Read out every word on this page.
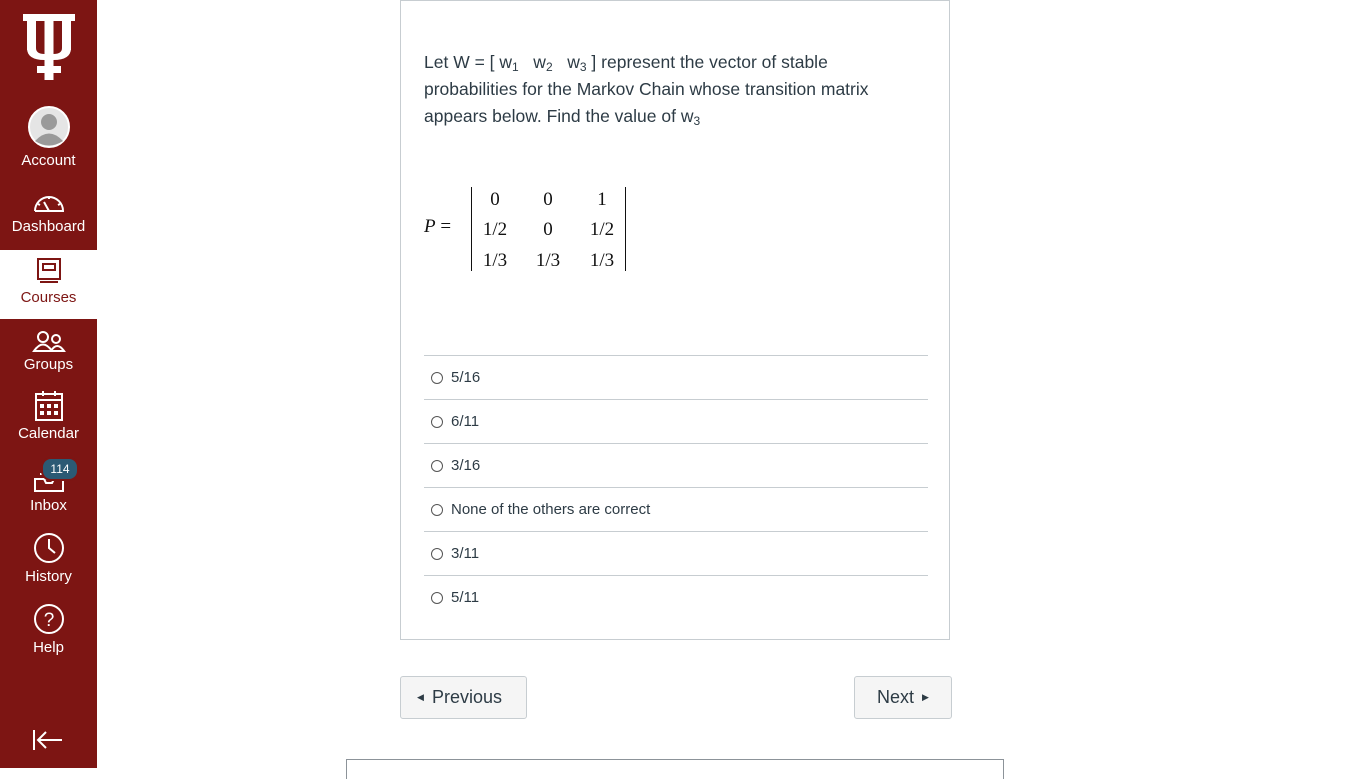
Account
Dashboard
Courses
Groups
Calendar
Inbox
114
History
?
Help
Let W = [ $w_1$ $w_2$ $w_3$ ] represent the vector of stable probabilities for the Markov Chain whose transition matrix appears below. Find the value of $w_3$
P =
0	0	1
1/2	0	1/2
1/3	1/3	1/3
5/16
6/11
3/16
None of the others are correct
3/11
5/11
◀ Previous	Next ▶
